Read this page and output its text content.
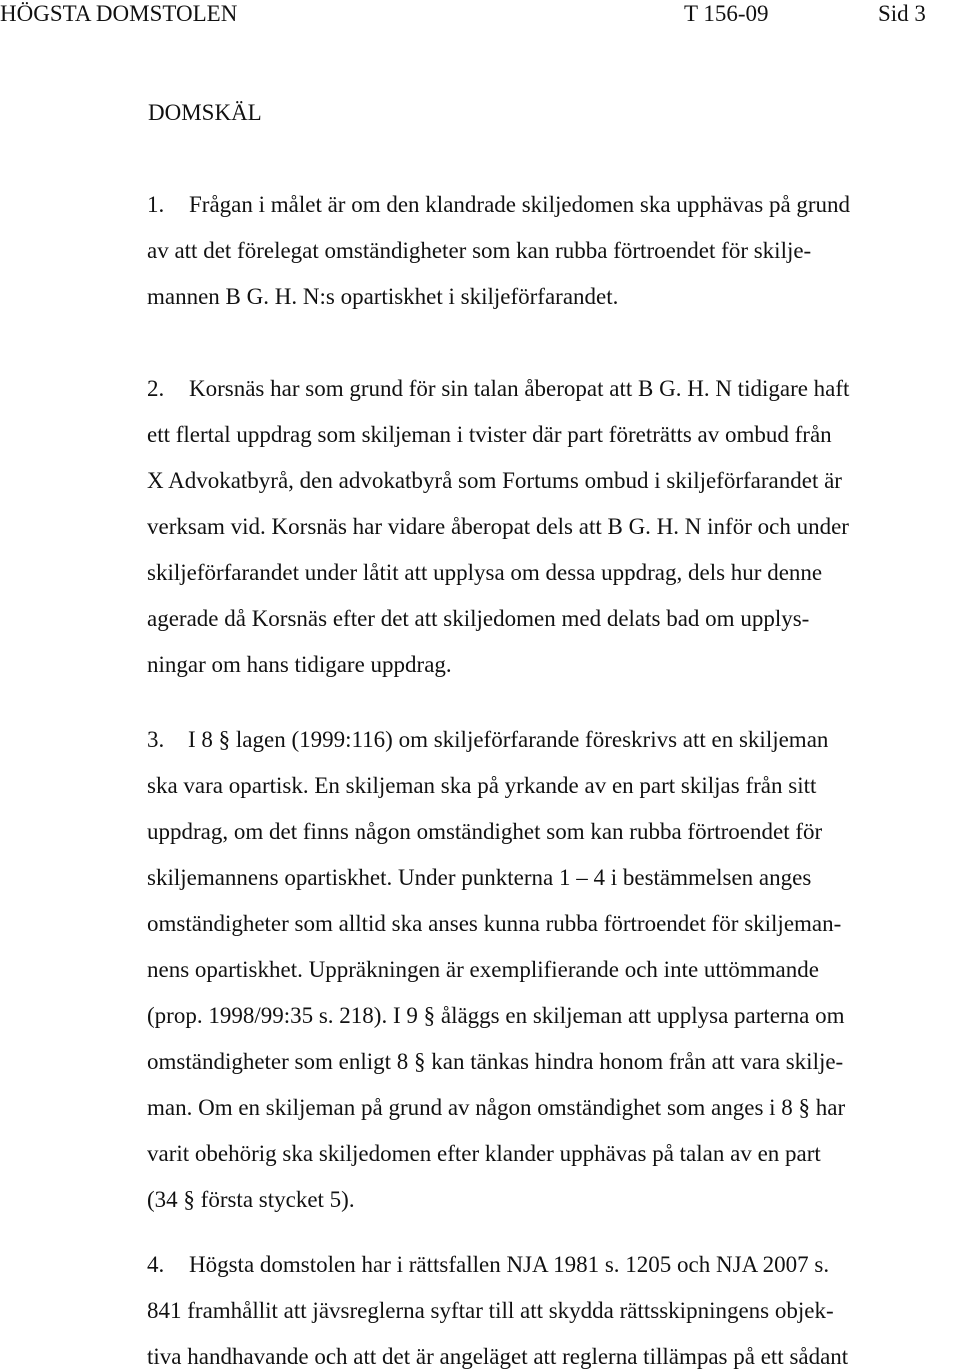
HÖGSTA DOMSTOLEN	T 156-09	Sid 3
DOMSKÄL
1. Frågan i målet är om den klandrade skiljedomen ska upphävas på grund
av att det förelegat omständigheter som kan rubba förtroendet för skilje-
mannen B G. H. N:s opartiskhet i skiljeförfarandet.
2. Korsnäs har som grund för sin talan åberopat att B G. H. N tidigare haft
ett flertal uppdrag som skiljeman i tvister där part företrätts av ombud från
X Advokatbyrå, den advokatbyrå som Fortums ombud i skiljeförfarandet är
verksam vid. Korsnäs har vidare åberopat dels att B G. H. N inför och under
skiljeförfarandet under låtit att upplysa om dessa uppdrag, dels hur denne
agerade då Korsnäs efter det att skiljedomen med delats bad om upplys-
ningar om hans tidigare uppdrag.
3. I 8 § lagen (1999:116) om skiljeförfarande föreskrivs att en skiljeman
ska vara opartisk. En skiljeman ska på yrkande av en part skiljas från sitt
uppdrag, om det finns någon omständighet som kan rubba förtroendet för
skiljemannens opartiskhet. Under punkterna 1 – 4 i bestämmelsen anges
omständigheter som alltid ska anses kunna rubba förtroendet för skiljeman-
nens opartiskhet. Uppräkningen är exemplifierande och inte uttömmande
(prop. 1998/99:35 s. 218). I 9 § åläggs en skiljeman att upplysa parterna om
omständigheter som enligt 8 § kan tänkas hindra honom från att vara skilje-
man. Om en skiljeman på grund av någon omständighet som anges i 8 § har
varit obehörig ska skiljedomen efter klander upphävas på talan av en part
(34 § första stycket 5).
4. Högsta domstolen har i rättsfallen NJA 1981 s. 1205 och NJA 2007 s.
841 framhållit att jävsreglerna syftar till att skydda rättsskipningens objek-
tiva handhavande och att det är angeläget att reglerna tillämpas på ett sådant
